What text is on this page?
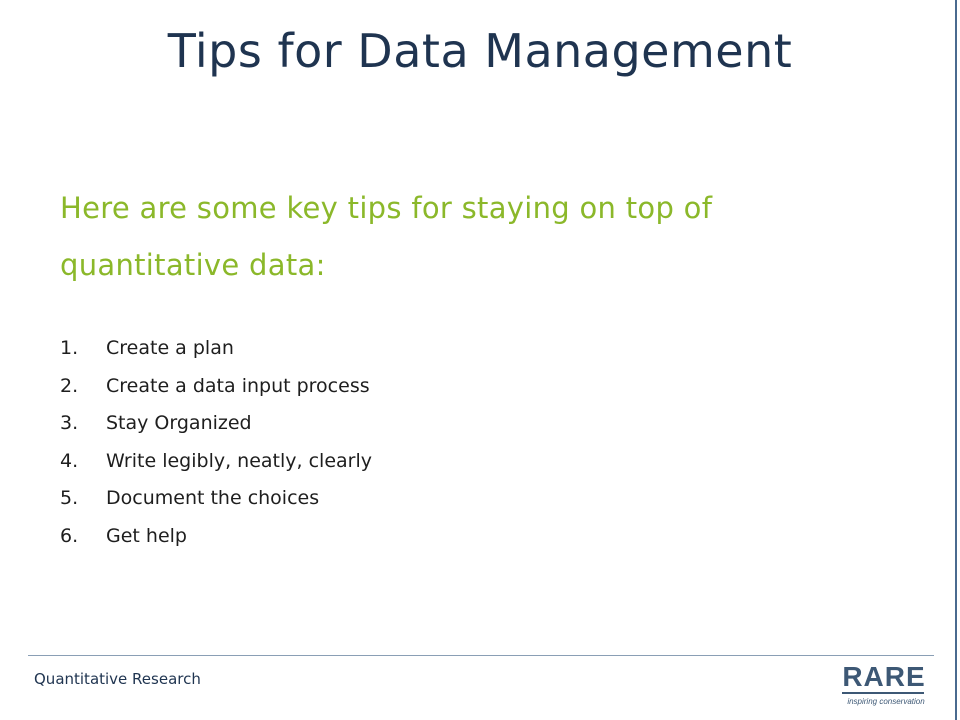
Tips for Data Management
Here are some key tips for staying on top of quantitative data:
1. Create a plan
2. Create a data input process
3. Stay Organized
4. Write legibly, neatly, clearly
5. Document the choices
6. Get help
Quantitative Research	RARE
inspiring conservation
